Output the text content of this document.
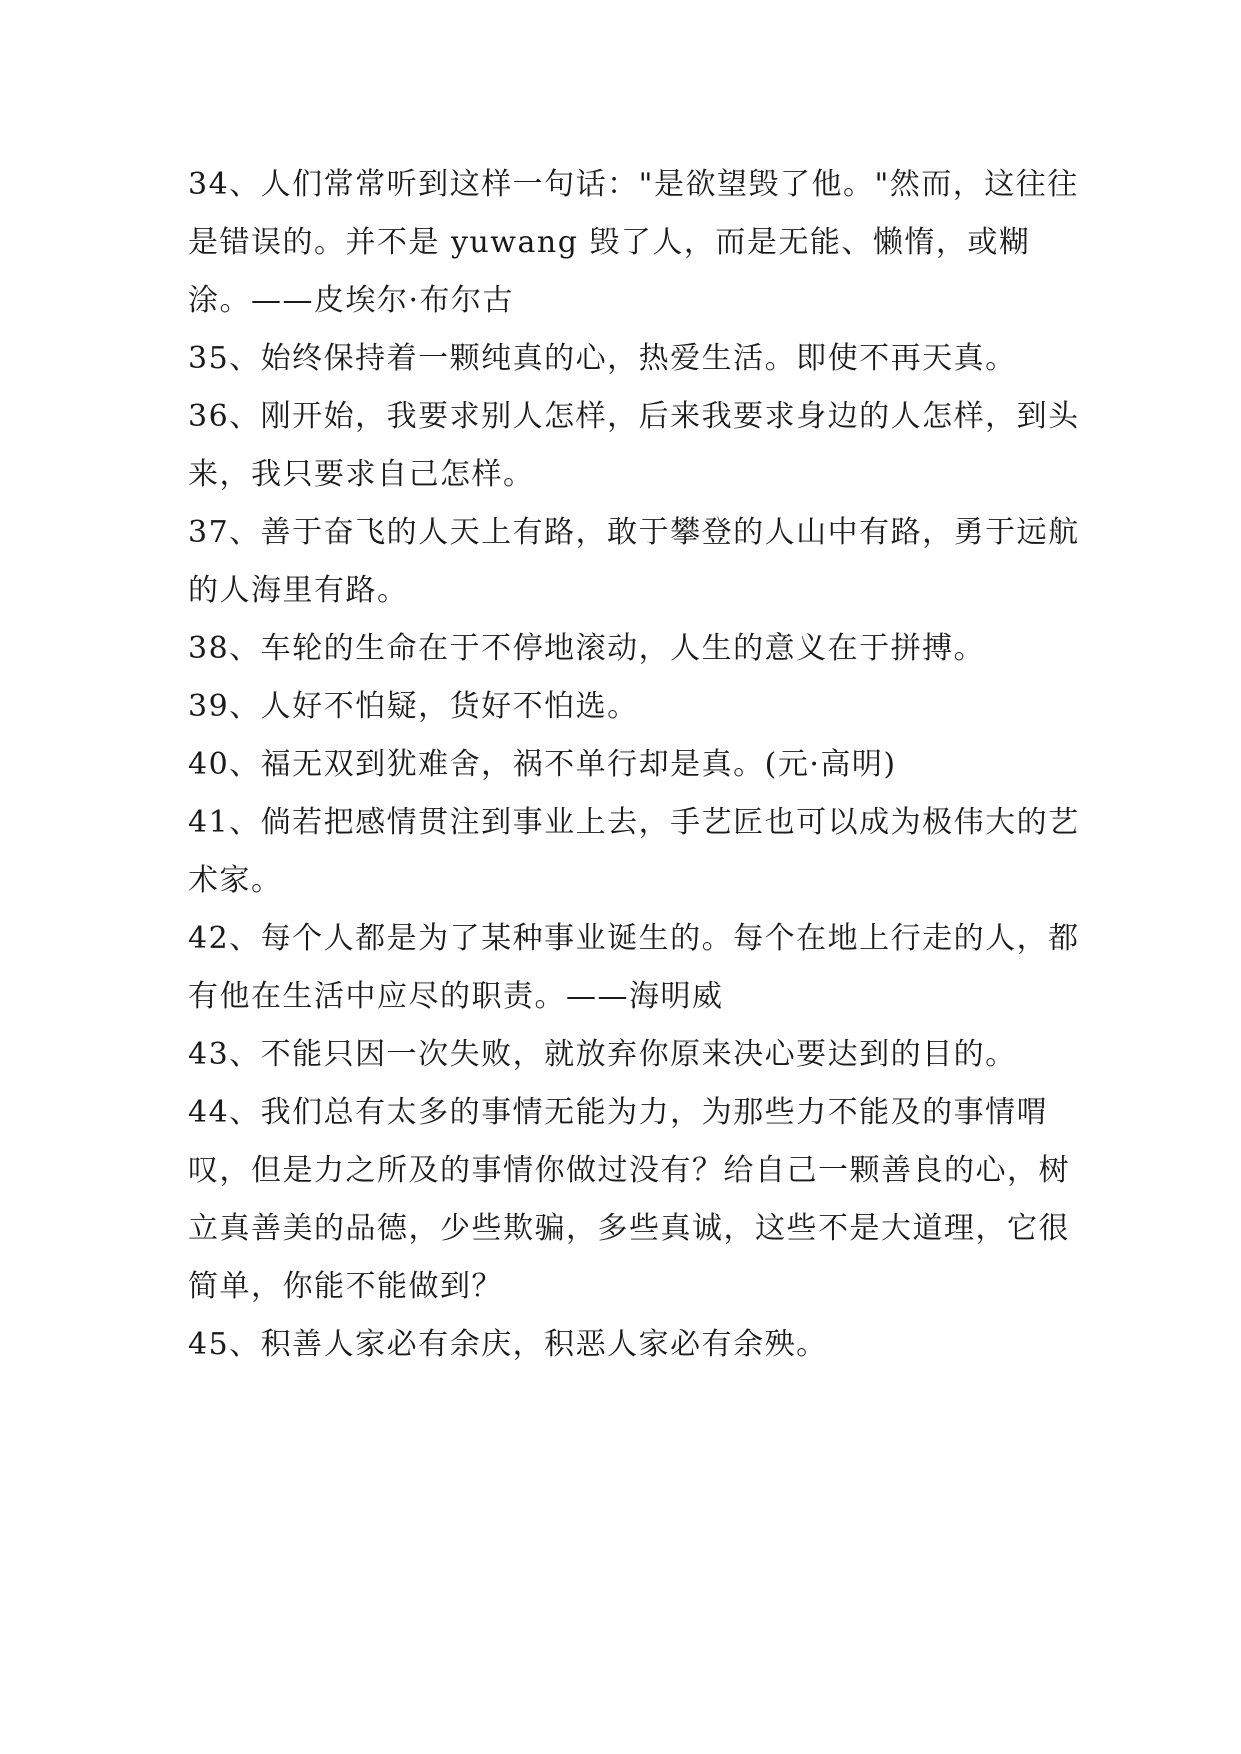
34、人们常常听到这样一句话："是欲望毁了他。"然而，这往往是错误的。并不是 yuwang 毁了人，而是无能、懒惰，或糊涂。——皮埃尔·布尔古

35、始终保持着一颗纯真的心，热爱生活。即使不再天真。

36、刚开始，我要求别人怎样，后来我要求身边的人怎样，到头来，我只要求自己怎样。

37、善于奋飞的人天上有路，敢于攀登的人山中有路，勇于远航的人海里有路。

38、车轮的生命在于不停地滚动，人生的意义在于拼搏。

39、人好不怕疑，货好不怕选。

40、福无双到犹难舍，祸不单行却是真。(元·高明)

41、倘若把感情贯注到事业上去，手艺匠也可以成为极伟大的艺术家。

42、每个人都是为了某种事业诞生的。每个在地上行走的人，都有他在生活中应尽的职责。——海明威

43、不能只因一次失败，就放弃你原来决心要达到的目的。

44、我们总有太多的事情无能为力，为那些力不能及的事情喟叹，但是力之所及的事情你做过没有？给自己一颗善良的心，树立真善美的品德，少些欺骗，多些真诚，这些不是大道理，它很简单，你能不能做到？

45、积善人家必有余庆，积恶人家必有余殃。
